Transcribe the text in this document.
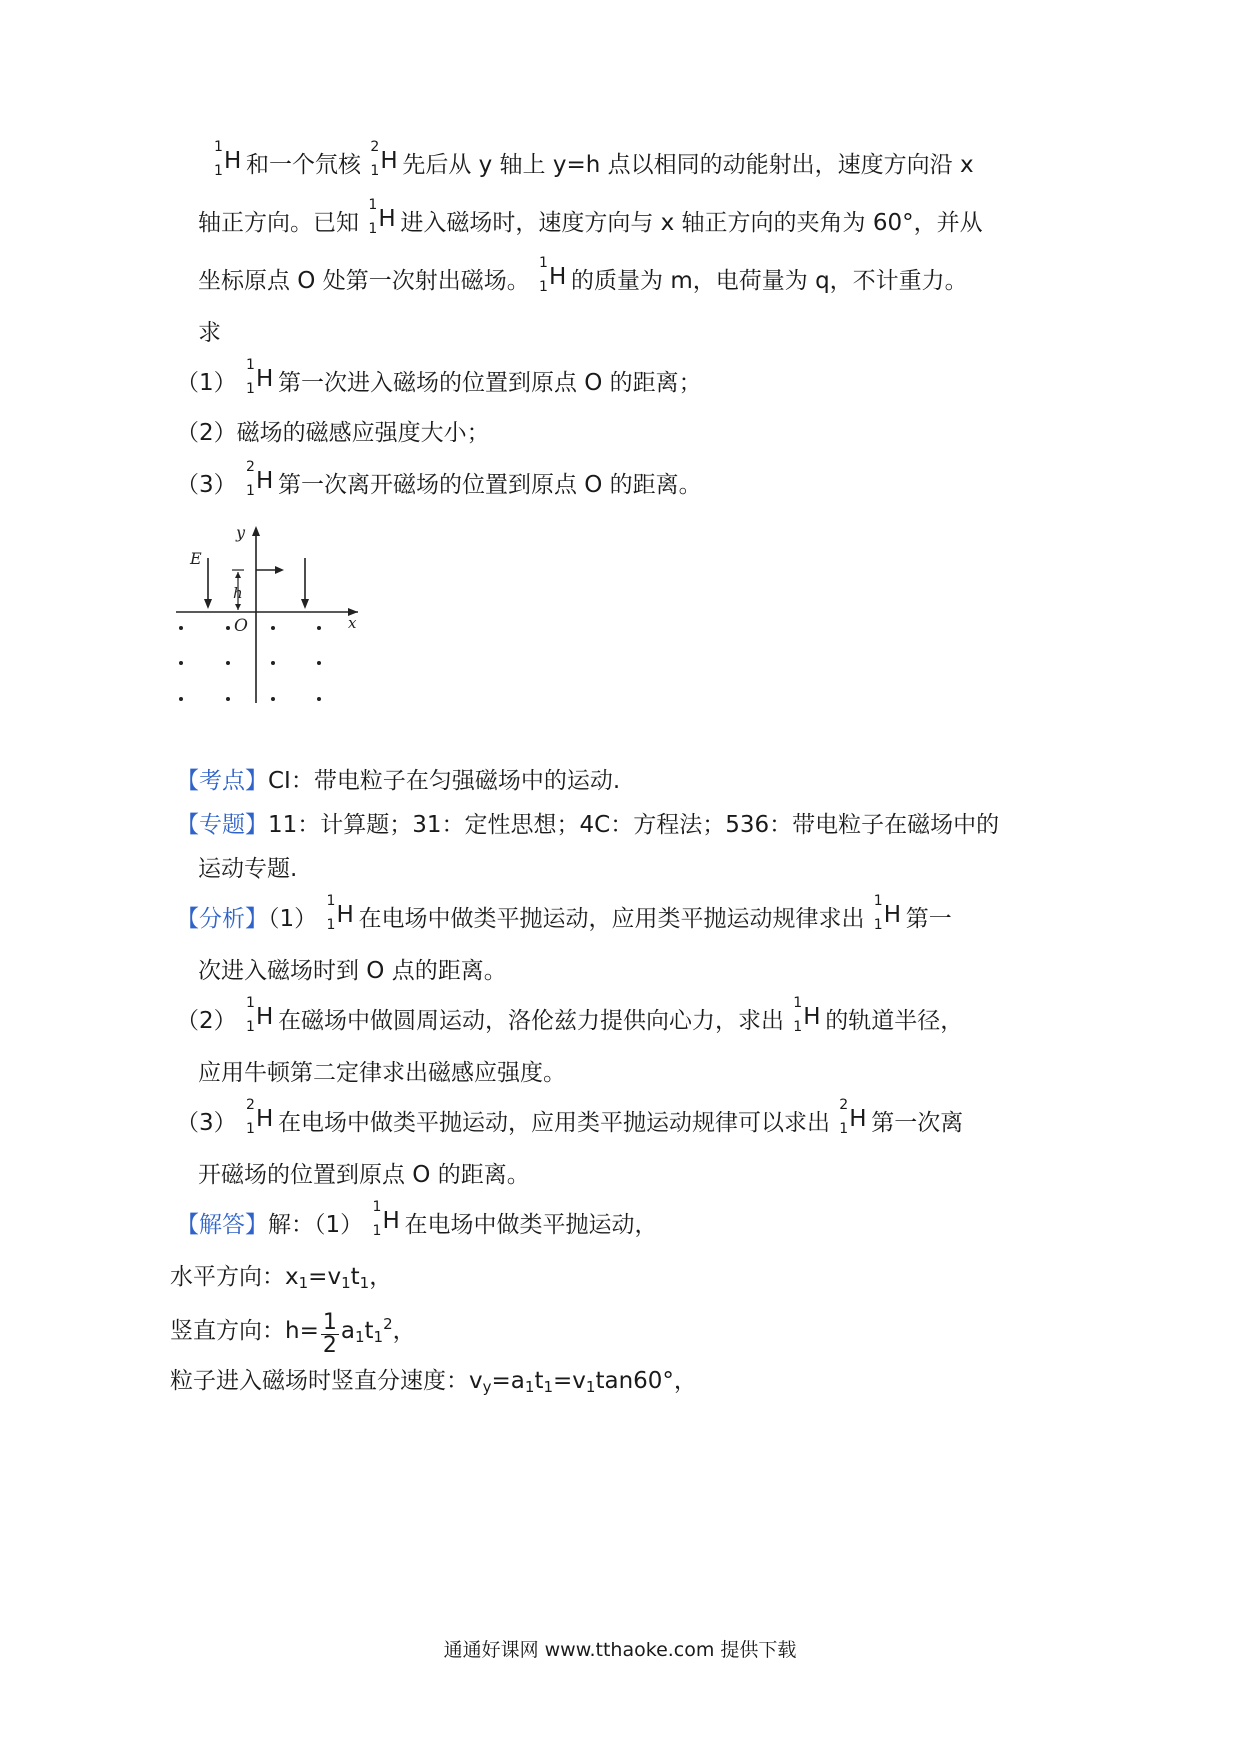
1
1 H 和一个氘核
2
1 H 先后从 y 轴上 y=h 点以相同的动能射出，速度方向沿 x
轴正方向。已知
1
1 H 进入磁场时，速度方向与 x 轴正方向的夹角为 60°，并从
坐标原点 O 处第一次射出磁场。
1
1 H 的质量为 m，电荷量为 q，不计重力。
求
（1）
1
1 H 第一次进入磁场的位置到原点 O 的距离；
（2）磁场的磁感应强度大小；
（3）
2
1 H 第一次离开磁场的位置到原点 O 的距离。
E
y
h
O	x
【考点】CI：带电粒子在匀强磁场中的运动.
【专题】11：计算题；31：定性思想；4C：方程法；536：带电粒子在磁场中的
运动专题.
【分析】（1）
1
1 H 在电场中做类平抛运动，应用类平抛运动规律求出
1
1 H 第一
次进入磁场时到 O 点的距离。
（2）
1
1 H 在磁场中做圆周运动，洛伦兹力提供向心力，求出
1
1 H 的轨道半径，
应用牛顿第二定律求出磁感应强度。
（3）
2
1 H 在电场中做类平抛运动，应用类平抛运动规律可以求出
2
1 H 第一次离
开磁场的位置到原点 O 的距离。
【解答】解：（1）
1
1 H 在电场中做类平抛运动，
水平方向：x1=v1t1，
竖直方向：$h= \frac{1}{2} a1t1^2$，
粒子进入磁场时竖直分速度：vy=a1t1=v1tan60°，
通通好课网 www.tthaoke.com 提供下载
